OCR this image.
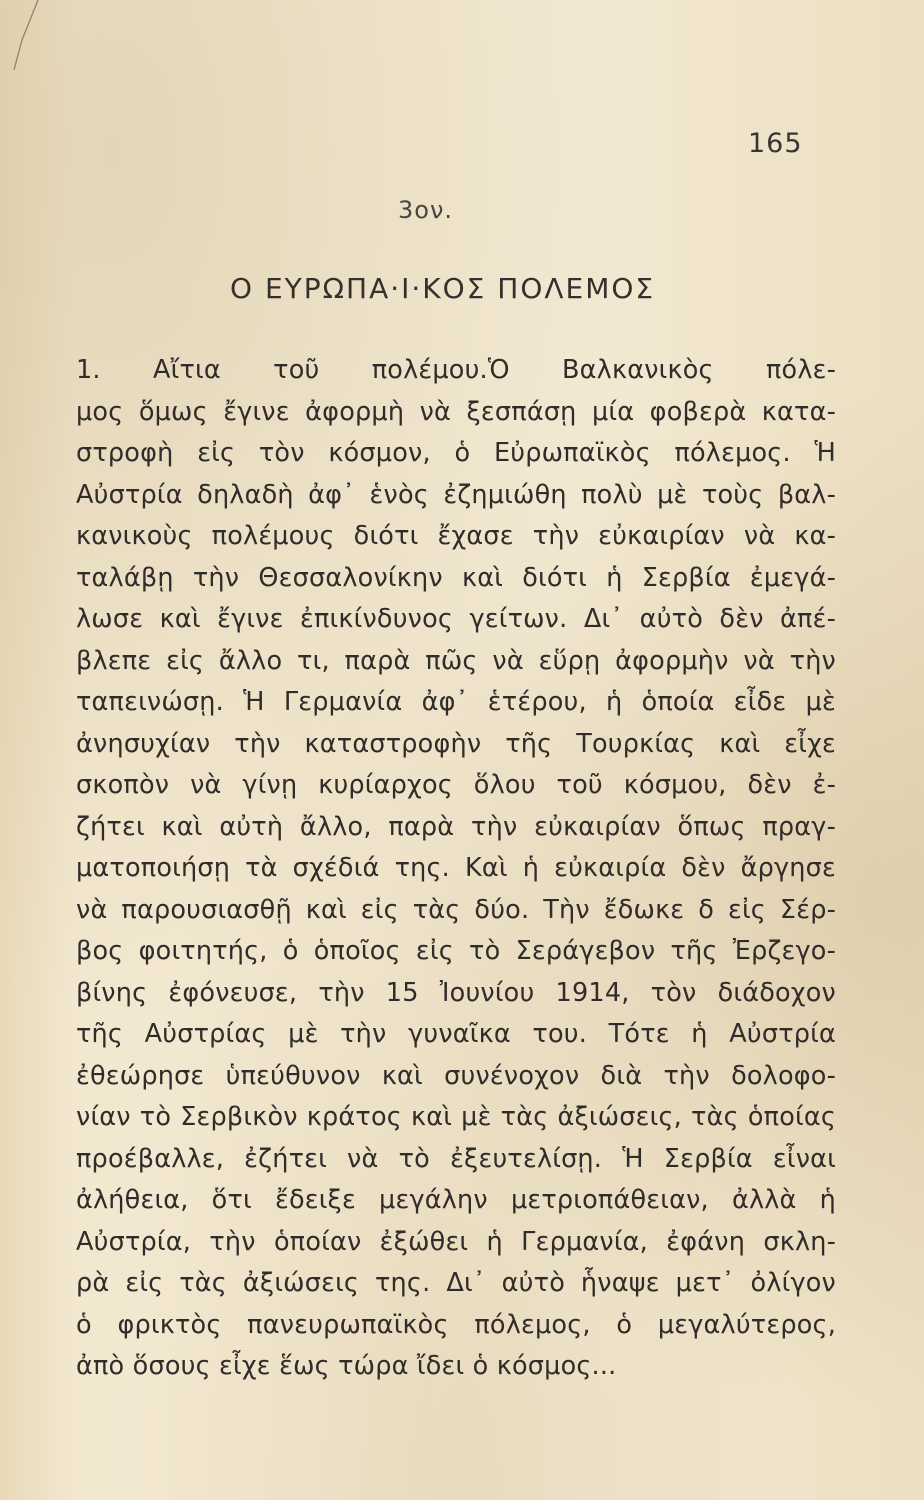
165
3ον.
Ο ΕΥΡΩΠΑ·Ι·ΚΟΣ ΠΟΛΕΜΟΣ
1. Αἴτια τοῦ πολέμου.Ὁ Βαλκανικὸς πόλε-
μος ὅμως ἔγινε ἀφορμὴ νὰ ξεσπάσῃ μία φοβερὰ κατα-
στροφὴ εἰς τὸν κόσμον, ὁ Εὐρωπαϊκὸς πόλεμος. Ἡ
Αὐστρία δηλαδὴ ἀφ᾽ ἑνὸς ἐζημιώθη πολὺ μὲ τοὺς βαλ-
κανικοὺς πολέμους διότι ἔχασε τὴν εὐκαιρίαν νὰ κα-
ταλάβῃ τὴν Θεσσαλονίκην καὶ διότι ἡ Σερβία ἐμεγά-
λωσε καὶ ἔγινε ἐπικίνδυνος γείτων. Δι᾽ αὐτὸ δὲν ἀπέ-
βλεπε εἰς ἄλλο τι, παρὰ πῶς νὰ εὕρῃ ἀφορμὴν νὰ τὴν
ταπεινώσῃ. Ἡ Γερμανία ἀφ᾽ ἑτέρου, ἡ ὁποία εἶδε μὲ
ἀνησυχίαν τὴν καταστροφὴν τῆς Τουρκίας καὶ εἶχε
σκοπὸν νὰ γίνῃ κυρίαρχος ὅλου τοῦ κόσμου, δὲν ἐ-
ζήτει καὶ αὐτὴ ἄλλο, παρὰ τὴν εὐκαιρίαν ὅπως πραγ-
ματοποιήσῃ τὰ σχέδιά της. Καὶ ἡ εὐκαιρία δὲν ἄργησε
νὰ παρουσιασθῇ καὶ εἰς τὰς δύο. Τὴν ἔδωκε δ εἰς Σέρ-
βος φοιτητής, ὁ ὁποῖος εἰς τὸ Σεράγεβον τῆς Ἐρζεγο-
βίνης ἐφόνευσε, τὴν 15 Ἰουνίου 1914, τὸν διάδοχον
τῆς Αὐστρίας μὲ τὴν γυναῖκα του. Τότε ἡ Αὐστρία
ἐθεώρησε ὑπεύθυνον καὶ συνένοχον διὰ τὴν δολοφο-
νίαν τὸ Σερβικὸν κράτος καὶ μὲ τὰς ἀξιώσεις, τὰς ὁποίας
προέβαλλε, ἐζήτει νὰ τὸ ἐξευτελίσῃ. Ἡ Σερβία εἶναι
ἀλήθεια, ὅτι ἔδειξε μεγάλην μετριοπάθειαν, ἀλλὰ ἡ
Αὐστρία, τὴν ὁποίαν ἐξώθει ἡ Γερμανία, ἐφάνη σκλη-
ρὰ εἰς τὰς ἀξιώσεις της. Δι᾽ αὐτὸ ἧναψε μετ᾽ ὀλίγον
ὁ φρικτὸς πανευρωπαϊκὸς πόλεμος, ὁ μεγαλύτερος,
ἀπὸ ὅσους εἶχε ἕως τώρα ἴδει ὁ κόσμος...
